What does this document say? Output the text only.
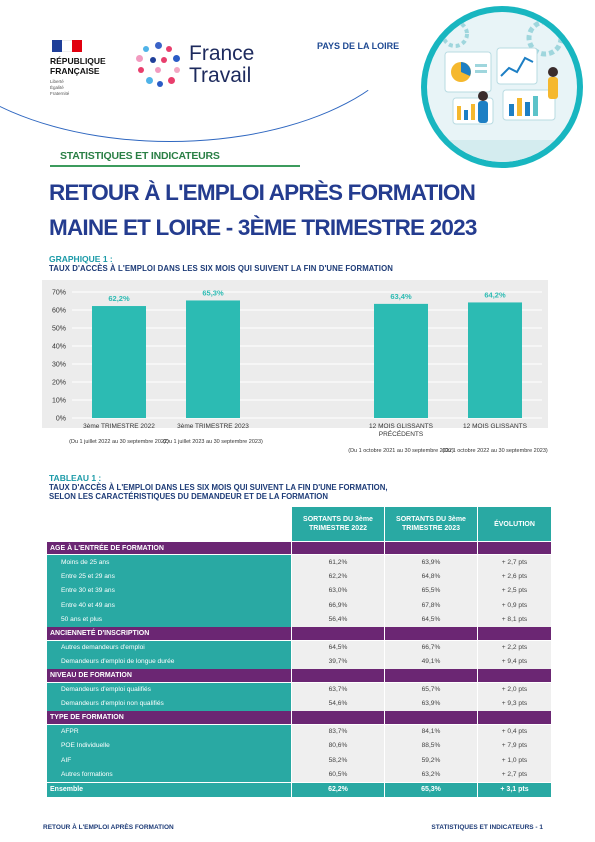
RÉPUBLIQUE
FRANÇAISE
Liberté
Égalité
Fraternité
France
Travail
PAYS DE LA LOIRE
STATISTIQUES ET INDICATEURS
RETOUR À L'EMPLOI APRÈS FORMATION
MAINE ET LOIRE - 3ÈME TRIMESTRE 2023
GRAPHIQUE 1 :
TAUX D'ACCÈS À L'EMPLOI DANS LES SIX MOIS QUI SUIVENT LA FIN D'UNE FORMATION
0%
10%
20%
30%
40%
50%
60%
70%
62,2%
65,3%	63,4%	64,2%
3ème TRIMESTRE 2022
(Du 1 juillet 2022 au 30 septembre 2022)
3ème TRIMESTRE 2023
(Du 1 juillet 2023 au 30 septembre 2023)
12 MOIS GLISSANTS PRÉCÉDENTS
(Du 1 octobre 2021 au 30 septembre 2022)
12 MOIS GLISSANTS
(Du 1 octobre 2022 au 30 septembre 2023)
TABLEAU 1 :
TAUX D'ACCÈS À L'EMPLOI DANS LES SIX MOIS QUI SUIVENT LA FIN D'UNE FORMATION,
SELON LES CARACTÉRISTIQUES DU DEMANDEUR ET DE LA FORMATION
	SORTANTS DU 3ème TRIMESTRE 2022	SORTANTS DU 3ème TRIMESTRE 2023	ÉVOLUTION
AGE À L'ENTRÉE DE FORMATION			
Moins de 25 ans	61,2%	63,9%	+ 2,7 pts
Entre 25 et 29 ans	62,2%	64,8%	+ 2,6 pts
Entre 30 et 39 ans	63,0%	65,5%	+ 2,5 pts
Entre 40 et 49 ans	66,9%	67,8%	+ 0,9 pts
50 ans et plus	56,4%	64,5%	+ 8,1 pts
ANCIENNETÉ D'INSCRIPTION			
Autres demandeurs d'emploi	64,5%	66,7%	+ 2,2 pts
Demandeurs d'emploi de longue durée	39,7%	49,1%	+ 9,4 pts
NIVEAU DE FORMATION			
Demandeurs d'emploi qualifiés	63,7%	65,7%	+ 2,0 pts
Demandeurs d'emploi non qualifiés	54,6%	63,9%	+ 9,3 pts
TYPE DE FORMATION			
AFPR	83,7%	84,1%	+ 0,4 pts
POE Individuelle	80,6%	88,5%	+ 7,9 pts
AIF	58,2%	59,2%	+ 1,0 pts
Autres formations	60,5%	63,2%	+ 2,7 pts
Ensemble	62,2%	65,3%	+ 3,1 pts
RETOUR À L'EMPLOI APRÈS FORMATION	STATISTIQUES ET INDICATEURS - 1
